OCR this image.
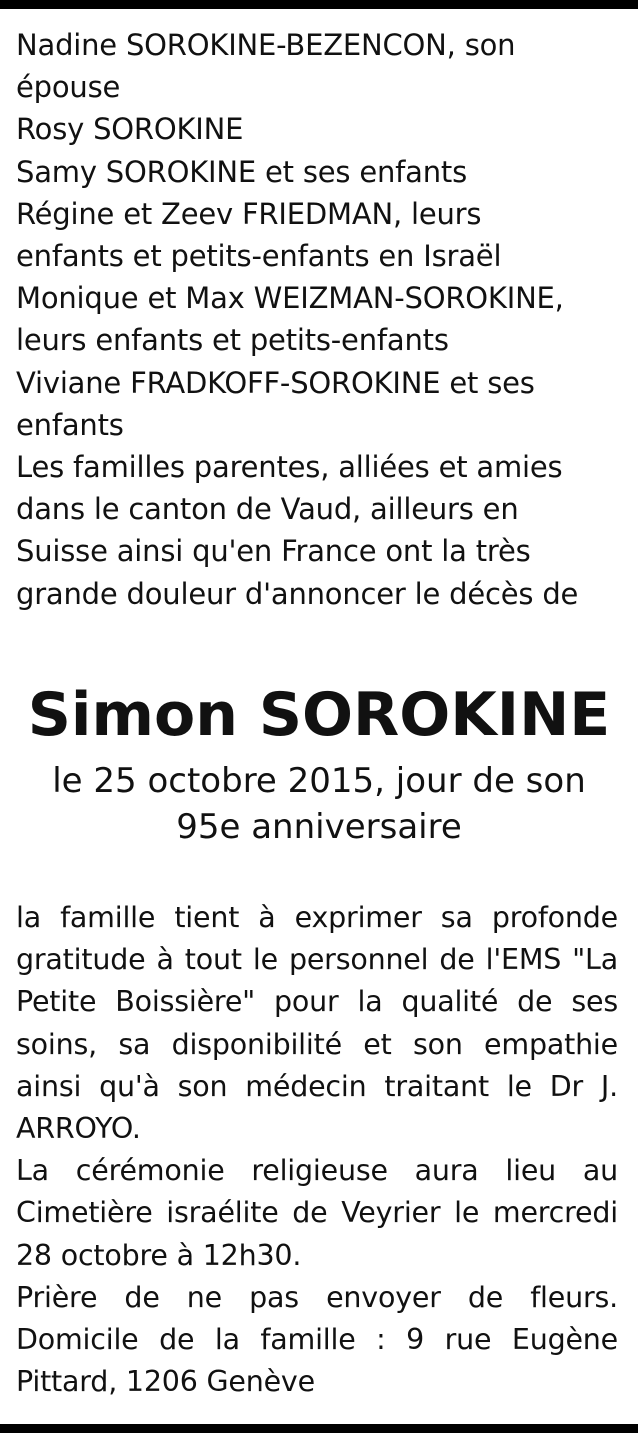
Nadine SOROKINE-BEZENCON, son
épouse
Rosy SOROKINE
Samy SOROKINE et ses enfants
Régine et Zeev FRIEDMAN, leurs
enfants et petits-enfants en Israël
Monique et Max WEIZMAN-SOROKINE,
leurs enfants et petits-enfants
Viviane FRADKOFF-SOROKINE et ses
enfants
Les familles parentes, alliées et amies
dans le canton de Vaud, ailleurs en
Suisse ainsi qu'en France ont la très
grande douleur d'annoncer le décès de
Simon SOROKINE
le 25 octobre 2015, jour de son
95e anniversaire

la famille tient à exprimer sa profonde gratitude à tout le personnel de l'EMS "La Petite Boissière" pour la qualité de ses soins, sa disponibilité et son empathie ainsi qu'à son médecin traitant le Dr J. ARROYO.

La cérémonie religieuse aura lieu au Cimetière israélite de Veyrier le mercredi 28 octobre à 12h30.

Prière de ne pas envoyer de fleurs. Domicile de la famille : 9 rue Eugène Pittard, 1206 Genève
